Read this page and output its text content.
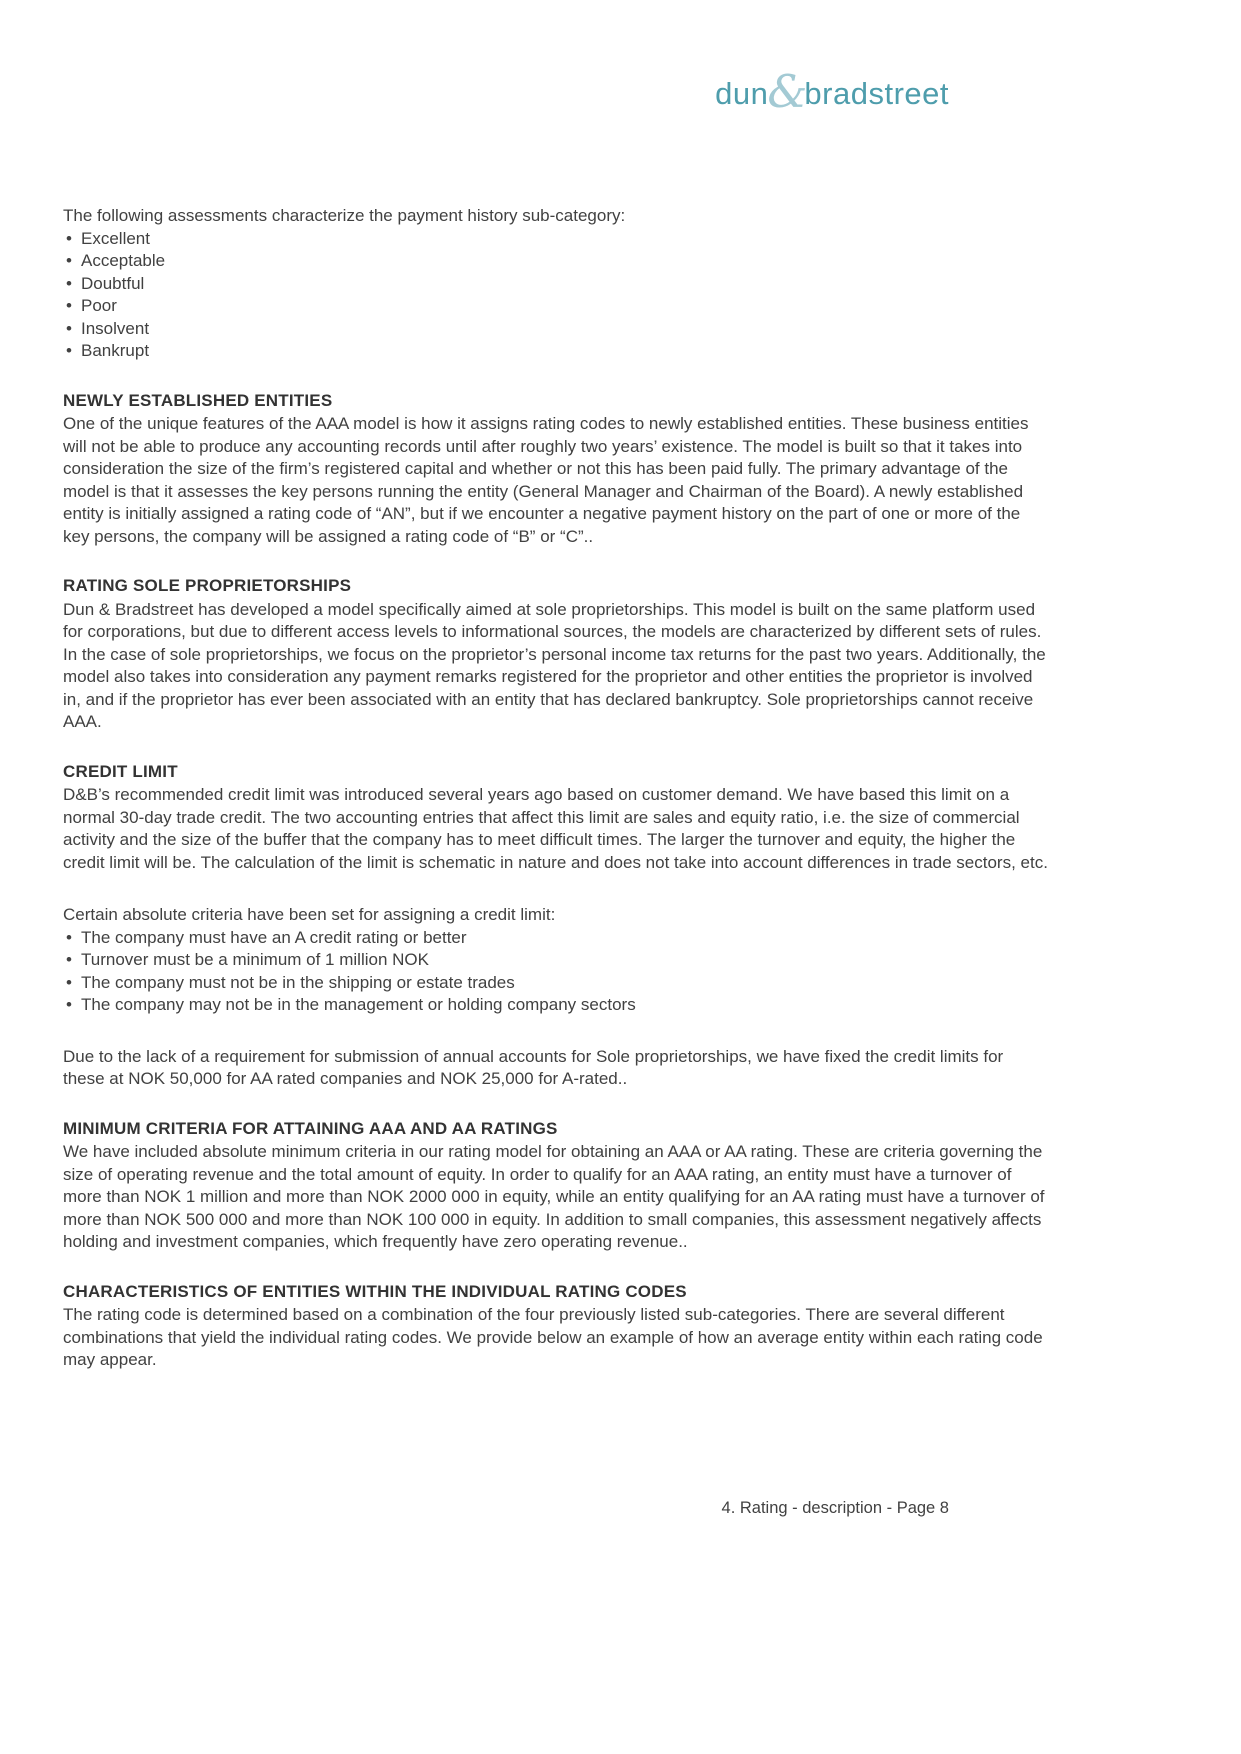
dun &
bradstreet

The following assessments characterize the payment history sub-category:

• Excellent
• Acceptable
• Doubtful
• Poor
• Insolvent
• Bankrupt
NEWLY ESTABLISHED ENTITIES

One of the unique features of the AAA model is how it assigns rating codes to newly established entities. These business entities will not be able to produce any accounting records until after roughly two years’ existence. The model is built so that it takes into consideration the size of the firm’s registered capital and whether or not this has been paid fully. The primary advantage of the model is that it assesses the key persons running the entity (General Manager and Chairman of the Board). A newly established entity is initially assigned a rating code of “AN”, but if we encounter a negative payment history on the part of one or more of the key persons, the company will be assigned a rating code of “B” or “C”..

RATING SOLE PROPRIETORSHIPS

Dun & Bradstreet has developed a model specifically aimed at sole proprietorships. This model is built on the same platform used for corporations, but due to different access levels to informational sources, the models are characterized by different sets of rules. In the case of sole proprietorships, we focus on the proprietor’s personal income tax returns for the past two years. Additionally, the model also takes into consideration any payment remarks registered for the proprietor and other entities the proprietor is involved in, and if the proprietor has ever been associated with an entity that has declared bankruptcy. Sole proprietorships cannot receive AAA.

CREDIT LIMIT

D&B’s recommended credit limit was introduced several years ago based on customer demand. We have based this limit on a normal 30-day trade credit. The two accounting entries that affect this limit are sales and equity ratio, i.e. the size of commercial activity and the size of the buffer that the company has to meet difficult times. The larger the turnover and equity, the higher the credit limit will be. The calculation of the limit is schematic in nature and does not take into account differences in trade sectors, etc.

Certain absolute criteria have been set for assigning a credit limit:

• The company must have an A credit rating or better
• Turnover must be a minimum of 1 million NOK
• The company must not be in the shipping or estate trades
• The company may not be in the management or holding company sectors

Due to the lack of a requirement for submission of annual accounts for Sole proprietorships, we have fixed the credit limits for these at NOK 50,000 for AA rated companies and NOK 25,000 for A-rated..

MINIMUM CRITERIA FOR ATTAINING AAA AND AA RATINGS

We have included absolute minimum criteria in our rating model for obtaining an AAA or AA rating. These are criteria governing the size of operating revenue and the total amount of equity. In order to qualify for an AAA rating, an entity must have a turnover of more than NOK 1 million and more than NOK 2000 000 in equity, while an entity qualifying for an AA rating must have a turnover of more than NOK 500 000 and more than NOK 100 000 in equity. In addition to small companies, this assessment negatively affects holding and investment companies, which frequently have zero operating revenue..

CHARACTERISTICS OF ENTITIES WITHIN THE INDIVIDUAL RATING CODES

The rating code is determined based on a combination of the four previously listed sub-categories. There are several different combinations that yield the individual rating codes. We provide below an example of how an average entity within each rating code may appear.

4. Rating - description - Page 8
